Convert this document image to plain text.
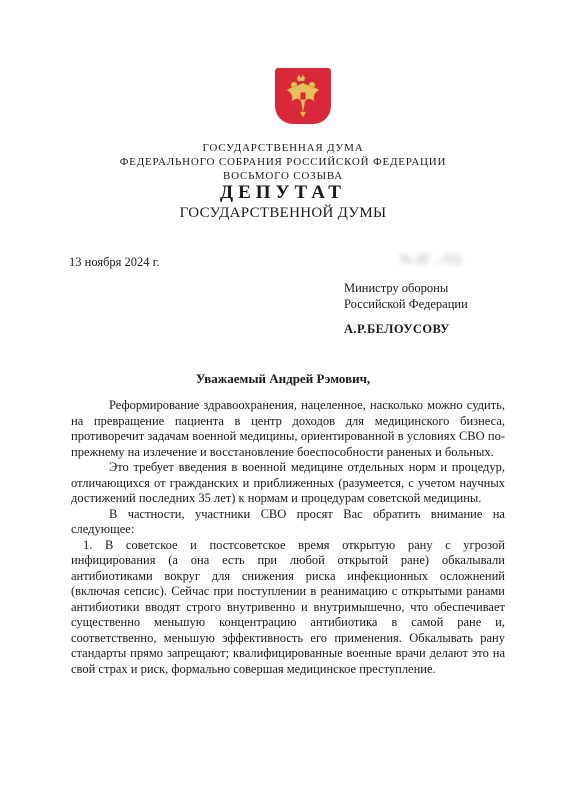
ГОСУДАРСТВЕННАЯ ДУМА
ФЕДЕРАЛЬНОГО СОБРАНИЯ РОССИЙСКОЙ ФЕДЕРАЦИИ
ВОСЬМОГО СОЗЫВА
ДЕПУТАТ
ГОСУДАРСТВЕННОЙ ДУМЫ
13 ноября 2024 г.	№ ДГ ...ПД
Министру обороны
Российской Федерации
А.Р.БЕЛОУСОВУ
Уважаемый Андрей Рэмович,

Реформирование здравоохранения, нацеленное, насколько можно судить, на превращение пациента в центр доходов для медицинского бизнеса, противоречит задачам военной медицины, ориентированной в условиях СВО по-прежнему на излечение и восстановление боеспособности раненых и больных.

Это требует введения в военной медицине отдельных норм и процедур, отличающихся от гражданских и приближенных (разумеется, с учетом научных достижений последних 35 лет) к нормам и процедурам советской медицины.

В частности, участники СВО просят Вас обратить внимание на следующее:

1. В советское и постсоветское время открытую рану с угрозой инфицирования (а она есть при любой открытой ране) обкалывали антибиотиками вокруг для снижения риска инфекционных осложнений (включая сепсис). Сейчас при поступлении в реанимацию с открытыми ранами антибиотики вводят строго внутривенно и внутримышечно, что обеспечивает существенно меньшую концентрацию антибиотика в самой ране и, соответственно, меньшую эффективность его применения. Обкалывать рану стандарты прямо запрещают; квалифицированные военные врачи делают это на свой страх и риск, формально совершая медицинское преступление.
